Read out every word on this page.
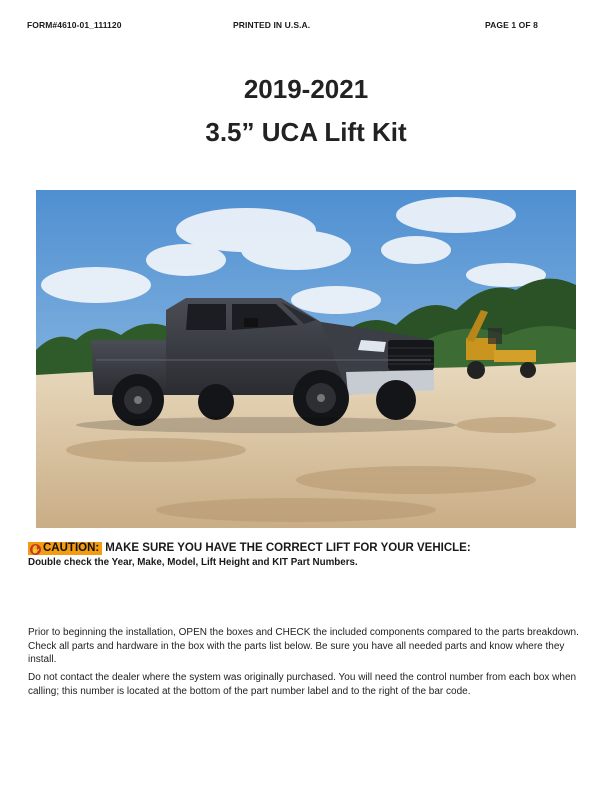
FORM#4610-01_111120	PRINTED IN U.S.A.	PAGE 1 OF 8
2019-2021
3.5” UCA Lift Kit
✋ CAUTION: MAKE SURE YOU HAVE THE CORRECT LIFT FOR YOUR VEHICLE:
Double check the Year, Make, Model, Lift Height and KIT Part Numbers.
Prior to beginning the installation, OPEN the boxes and CHECK the included components compared to the parts breakdown. Check all parts and hardware in the box with the parts list below. Be sure you have all needed parts and know where they install.
Do not contact the dealer where the system was originally purchased. You will need the control number from each box when calling; this number is located at the bottom of the part number label and to the right of the bar code.
